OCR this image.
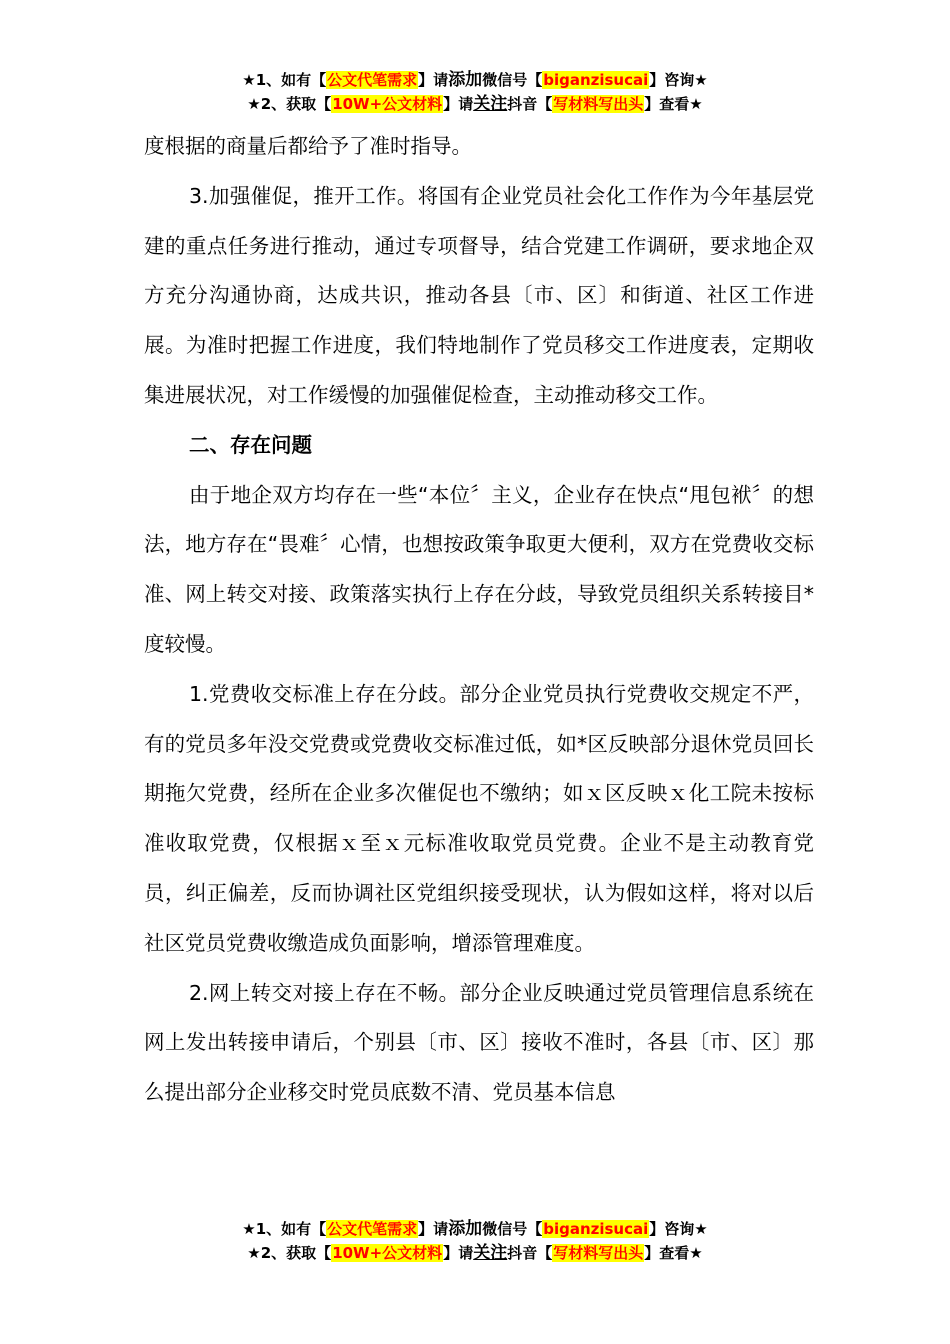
★1、如有【公文代笔需求】请添加微信号【biganzisucai】咨询★
★2、获取【10W+公文材料】请关注抖音【写材料写出头】查看★

度根据的商量后都给予了准时指导。

3.加强催促，推开工作。将国有企业党员社会化工作作为今年基层党建的重点任务进行推动，通过专项督导，结合党建工作调研，要求地企双方充分沟通协商，达成共识，推动各县〔市、区〕和街道、社区工作进展。为准时把握工作进度，我们特地制作了党员移交工作进度表，定期收集进展状况，对工作缓慢的加强催促检查，主动推动移交工作。

二、存在问题

由于地企双方均存在一些“本位〞主义，企业存在快点“甩包袱〞的想法，地方存在“畏难〞心情，也想按政策争取更大便利，双方在党费收交标准、网上转交对接、政策落实执行上存在分歧，导致党员组织关系转接目*度较慢。

1.党费收交标准上存在分歧。部分企业党员执行党费收交规定不严，有的党员多年没交党费或党费收交标准过低，如*区反映部分退休党员回长期拖欠党费，经所在企业多次催促也不缴纳；如ｘ区反映ｘ化工院未按标准收取党费，仅根据ｘ至ｘ元标准收取党员党费。企业不是主动教育党员，纠正偏差，反而协调社区党组织接受现状，认为假如这样，将对以后社区党员党费收缴造成负面影响，增添管理难度。

2.网上转交对接上存在不畅。部分企业反映通过党员管理信息系统在网上发出转接申请后，个别县〔市、区〕接收不准时，各县〔市、区〕那么提出部分企业移交时党员底数不清、党员基本信息

★1、如有【公文代笔需求】请添加微信号【biganzisucai】咨询★
★2、获取【10W+公文材料】请关注抖音【写材料写出头】查看★
